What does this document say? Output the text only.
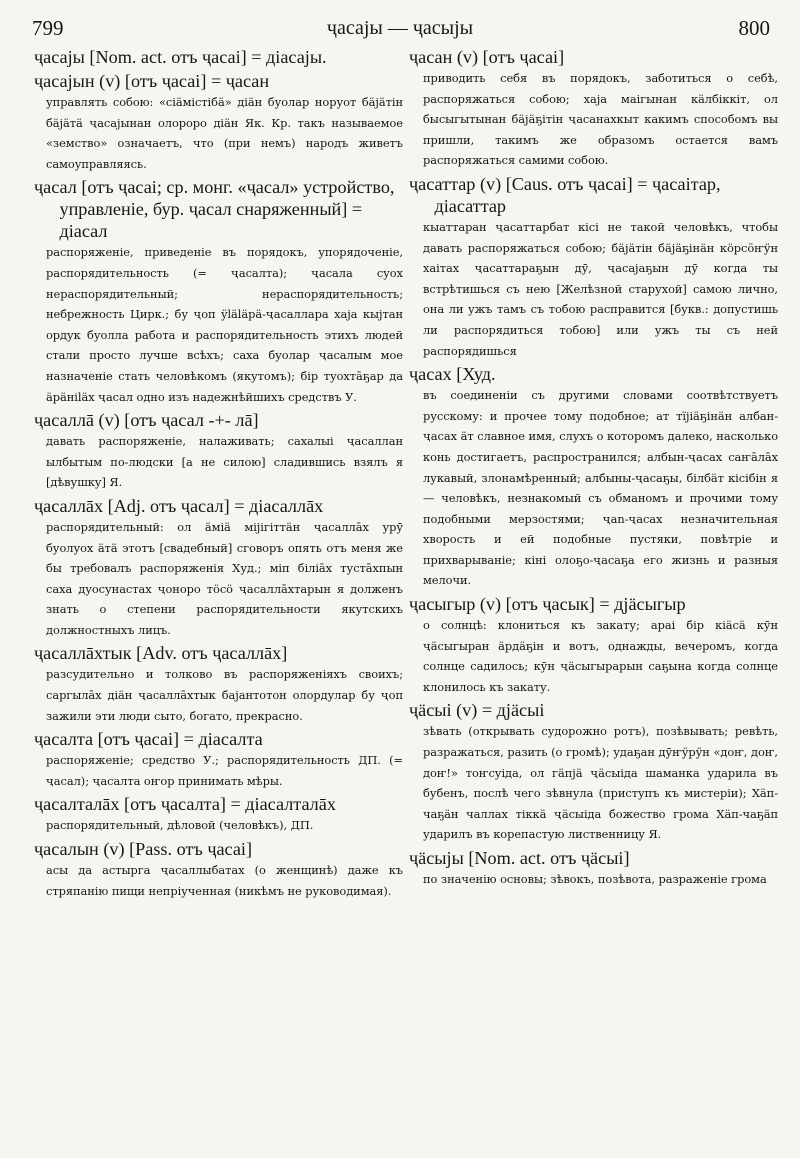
799	ҷасајы — ҷасыјы	800

ҷасајы [Nom. act. отъ ҷасаі] = діасајы.

ҷасајын (v) [отъ ҷасаі] = ҷасан

управлять собою: «сіäмістібä» діäн буолар норуот бäjäтiн бäjäтä ҷасајынан олороро діäн Як. Кр. такъ называемое «земство» означаетъ, что (при немъ) народъ живетъ самоуправляясь.

ҷасал [отъ ҷасаі; ср. монг. «ҷасал» устройство, управленіе, бур. ҷасал снаряженный] = діасал

распоряженіе, приведеніе въ порядокъ, упорядоченіе, распорядительность (= ҷасалта); ҷасала суох нераспорядительный; нераспорядительность; небрежность Цирк.; бу ҷоп ÿläläpä-ҷасаллара хаја кыјтан ордук буолла работа и распорядительность этихъ людей стали просто лучше всѣхъ; саха буолар ҷасалым мое назначеніе стать человѣкомъ (якутомъ); бір туохтāҕар да äpäнiläx ҷасал одно изъ надежнѣйшихъ средствъ У.

ҷасаллā (v) [отъ ҷасал -+- лā]

давать распоряженіе, налаживать; сахалыі ҷасаллан ылбытым по-людски [а не силою] сладившись взялъ я [дѣвушку] Я.

ҷасаллāх [Adj. отъ ҷасал] = діасаллāх

распорядительный: ол äмiä мiјiгiттäн ҷасаллāх урӯ буолуох äтä этотъ [свадебный] сговоръ опять отъ меня же бы требовалъ распоряженія Худ.; міп біліāх тустāхпын саха дуосунастах ҷоноро тöcö ҷасаллāхтарын я долженъ знать о степени распорядительности якутскихъ должностныхъ лицъ.

ҷасаллāхтык [Adv. отъ ҷасаллāх]

разсудительно и толково въ распоряженіяхъ своихъ; саргылāх діäн ҷасаллāхтык бајантотон олордулар бу ҷоп зажили эти люди сыто, богато, прекрасно.

ҷасалта [отъ ҷасаі] = діасалта

распоряженіе; средство У.; распорядительность ДП. (= ҷасал); ҷасалта оҥор принимать мѣры.

ҷасалталāх [отъ ҷасалта] = діасалталāх

распорядительный, дѣловой (человѣкъ), ДП.

ҷасалын (v) [Pass. отъ ҷасаі]

асы да астыргa ҷасаллыбатах (о женщинѣ) даже къ стряпанію пищи непріученная (никѣмъ не руководимая).

ҷасан (v) [отъ ҷасаі]

приводить себя въ порядокъ, заботиться о себѣ, распоряжаться собою; хаја маiгынан кäлбiккiт, ол бысыгытынан бäjäҕiтiн ҷасанахкыт какимъ способомъ вы пришли, такимъ же образомъ остается вамъ распоряжаться самими собою.

ҷасаттар (v) [Caus. отъ ҷасаі] = ҷасаітар, діасаттар

кыаттаран ҷасаттарбат кісі не такой человѣкъ, чтобы давать распоряжаться собою; бäjäтiн бäjäҕiнäн кöрсӧҥӱн хаітах ҷасаттараҕын дӯ, ҷасајаҕын дӯ когда ты встрѣтишься съ нею [Желѣзной старухой] самою лично, она ли ужъ тамъ съ тобою расправится [букв.: допустишь ли распорядиться тобою] или ужъ ты съ ней распорядишься

ҷасах [Худ.

въ соединеніи съ другими словами соотвѣтствуетъ русскому: и прочее тому подобное; ат тïjiäҕiнäн албан-ҷасах äт славное имя, слухъ о которомъ далеко, насколько конь достигаетъ, распространился; албын-ҷасах саҥāлāх лукавый, злонамѣренный; албыны-ҷасаҕы, бiлбäт кiсiбiн я — человѣкъ, незнакомый съ обманомъ и прочими тому подобными мерзостями; ҷаn-ҷасах незначительная хворость и ей подобные пустяки, повѣтріе и прихварываніе; кiнi олоҕо-ҷасаҕа его жизнь и разныя мелочи.

ҷасыгыр (v) [отъ ҷасык] = дjäсыгыр

о солнцѣ: клониться къ закату; араі бiр кiäсä кӯн ҷäсыгыран äрдäҕiн и вотъ, однажды, вечеромъ, когда солнце садилось; кӯн ҷäсыгырарын саҕына когда солнце клонилось къ закату.

ҷäсыі (v) = дjäсыі

зѣвать (открывать судорожно ротъ), позѣвывать; ревѣть, разражаться, разить (о громѣ); удаҕан дӯҥӱрӱн «доҥ, доҥ, доҥ!» тоҥсуіда, ол гäпjä ҷäсыіда шаманка ударила въ бубенъ, послѣ чего зѣвнула (приступъ къ мистеріи); Хäп-чаҕäн чаллах тiккä ҷäсыіда божество грома Хäп-чаҕäп ударилъ въ корепастую лиственницу Я.

ҷäсыјы [Nom. act. отъ ҷäсыі]

по значенію основы; зѣвокъ, позѣвота, разраженіе грома
